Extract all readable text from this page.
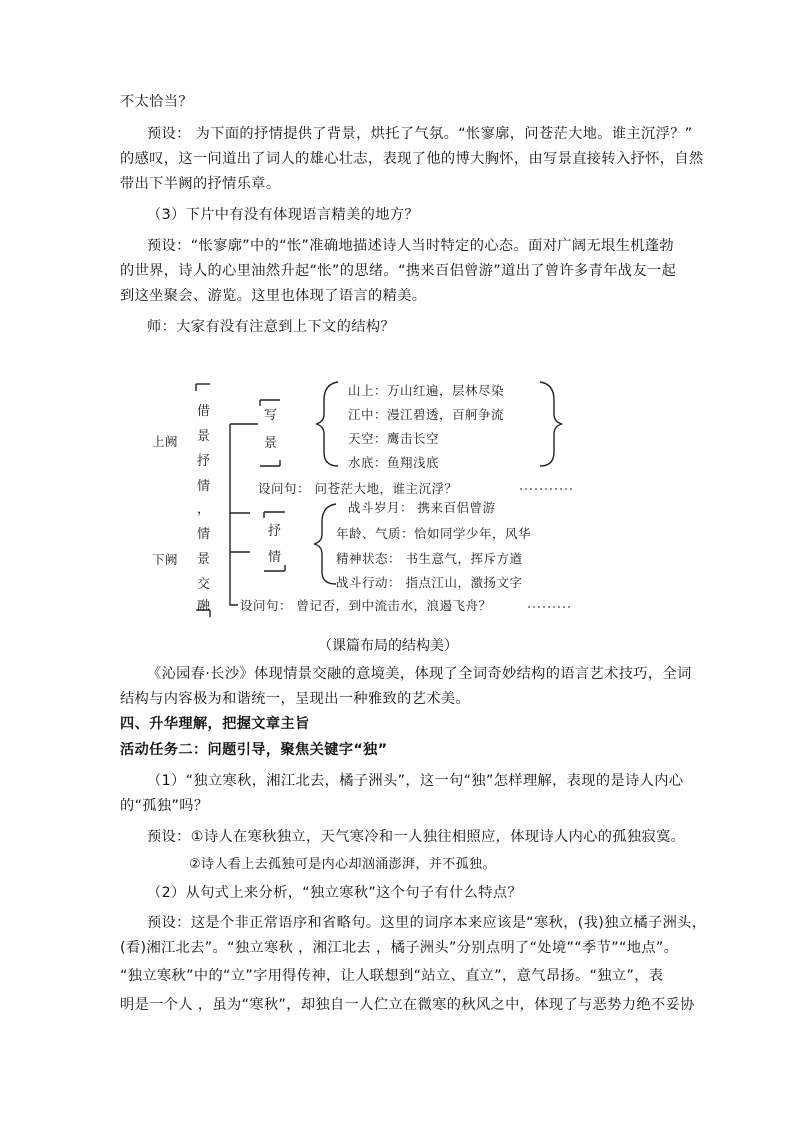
不太恰当？
预设： 为下面的抒情提供了背景，烘托了气氛。“怅寥廓，问苍茫大地。谁主沉浮？”
的感叹，这一问道出了词人的雄心壮志，表现了他的博大胸怀，由写景直接转入抒怀，自然
带出下半阙的抒情乐章。
（3）下片中有没有体现语言精美的地方？
预设：“怅寥廓”中的“怅”准确地描述诗人当时特定的心态。面对广阔无垠生机蓬勃
的世界，诗人的心里油然升起“怅”的思绪。“携来百侣曾游”道出了曾许多青年战友一起
到这坐聚会、游览。这里也体现了语言的精美。
师：大家有没有注意到上下文的结构？
上阙
下阙
借
景
抒
情
，
情
景
交
融
写
景
抒
情
山上：万山红遍，层林尽染
江中：漫江碧透，百舸争流
天空：鹰击长空
水底：鱼翔浅底
设问句： 问苍茫大地，谁主沉浮？
战斗岁月： 携来百侣曾游
年龄、气质：恰如同学少年，风华
精神状态： 书生意气，挥斥方遒
战斗行动： 指点江山，激扬文字
设问句： 曾记否，到中流击水，浪遏飞舟？
（课篇布局的结构美）
《沁园春·长沙》体现情景交融的意境美，体现了全词奇妙结构的语言艺术技巧，全词
结构与内容极为和谐统一，呈现出一种雅致的艺术美。
四、升华理解，把握文章主旨
活动任务二：问题引导，聚焦关键字“独”
（1）“独立寒秋，湘江北去，橘子洲头”，这一句“独”怎样理解，表现的是诗人内心
的“孤独”吗？
预设：①诗人在寒秋独立，天气寒冷和一人独往相照应，体现诗人内心的孤独寂寞。
②诗人看上去孤独可是内心却汹涌澎湃，并不孤独。
（2）从句式上来分析，“独立寒秋”这个句子有什么特点？
预设：这是个非正常语序和省略句。这里的词序本来应该是“寒秋，(我)独立橘子洲头，
(看)湘江北去”。“独立寒秋 ，湘江北去 ，橘子洲头”分别点明了“处境”“季节”“地点”。
“独立寒秋”中的“立”字用得传神，让人联想到“站立、直立”，意气昂扬。“独立”，表
明是一个人 ，虽为“寒秋”，却独自一人伫立在微寒的秋风之中，体现了与恶势力绝不妥协
